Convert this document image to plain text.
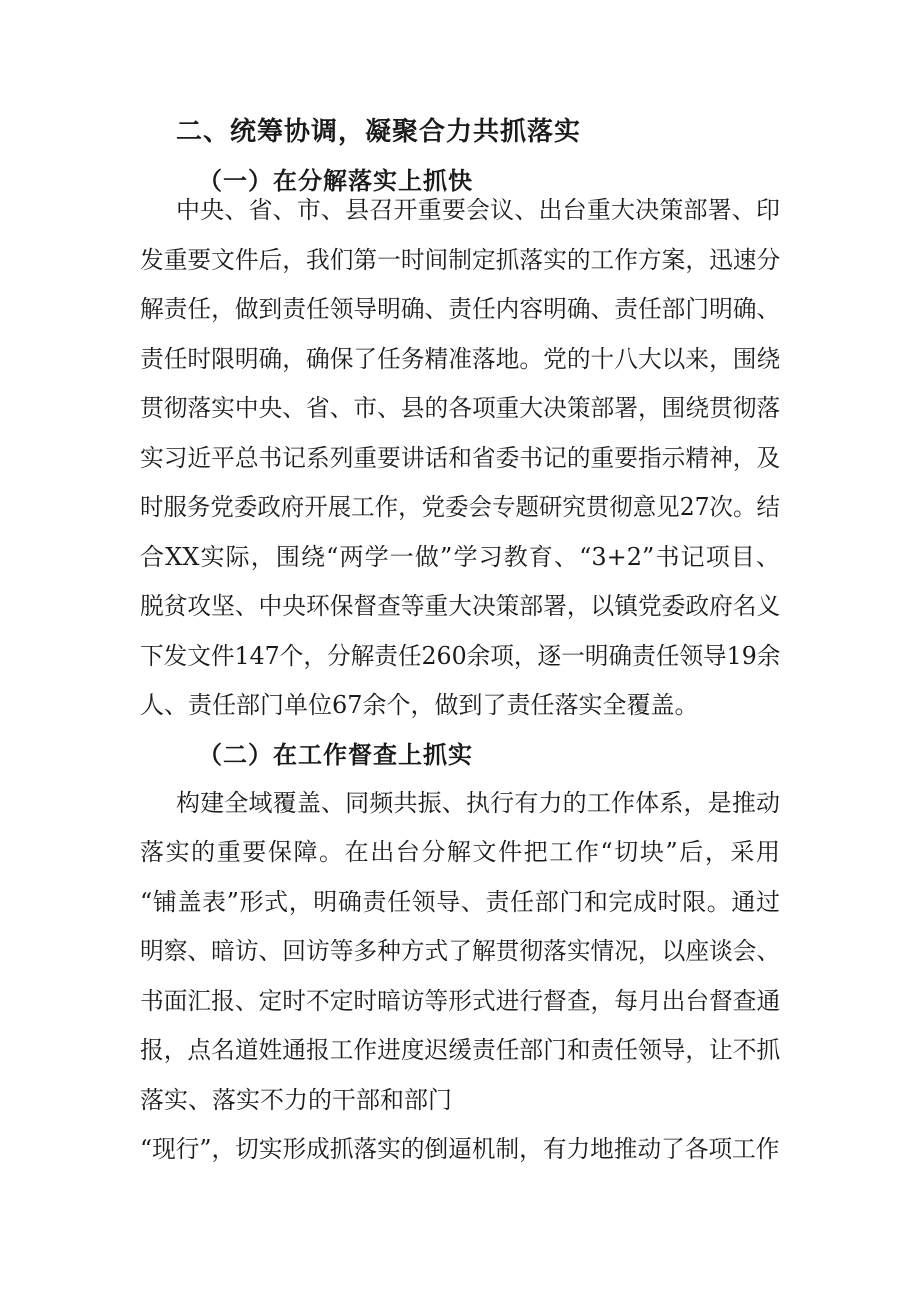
二、统筹协调，凝聚合力共抓落实
（一）在分解落实上抓快
中央、省、市、县召开重要会议、出台重大决策部署、印
发重要文件后，我们第一时间制定抓落实的工作方案，迅速分
解责任，做到责任领导明确、责任内容明确、责任部门明确、
责任时限明确，确保了任务精准落地。党的十八大以来，围绕
贯彻落实中央、省、市、县的各项重大决策部署，围绕贯彻落
实习近平总书记系列重要讲话和省委书记的重要指示精神，及
时服务党委政府开展工作，党委会专题研究贯彻意见27次。结
合XX实际，围绕“两学一做”学习教育、“3+2”书记项目、
脱贫攻坚、中央环保督查等重大决策部署，以镇党委政府名义
下发文件147个，分解责任260余项，逐一明确责任领导19余
人、责任部门单位67余个，做到了责任落实全覆盖。
（二）在工作督查上抓实
构建全域覆盖、同频共振、执行有力的工作体系，是推动
落实的重要保障。在出台分解文件把工作“切块”后，采用
“铺盖表”形式，明确责任领导、责任部门和完成时限。通过
明察、暗访、回访等多种方式了解贯彻落实情况，以座谈会、
书面汇报、定时不定时暗访等形式进行督查，每月出台督查通
报，点名道姓通报工作进度迟缓责任部门和责任领导，让不抓
落实、落实不力的干部和部门
“现行”，切实形成抓落实的倒逼机制，有力地推动了各项工作
